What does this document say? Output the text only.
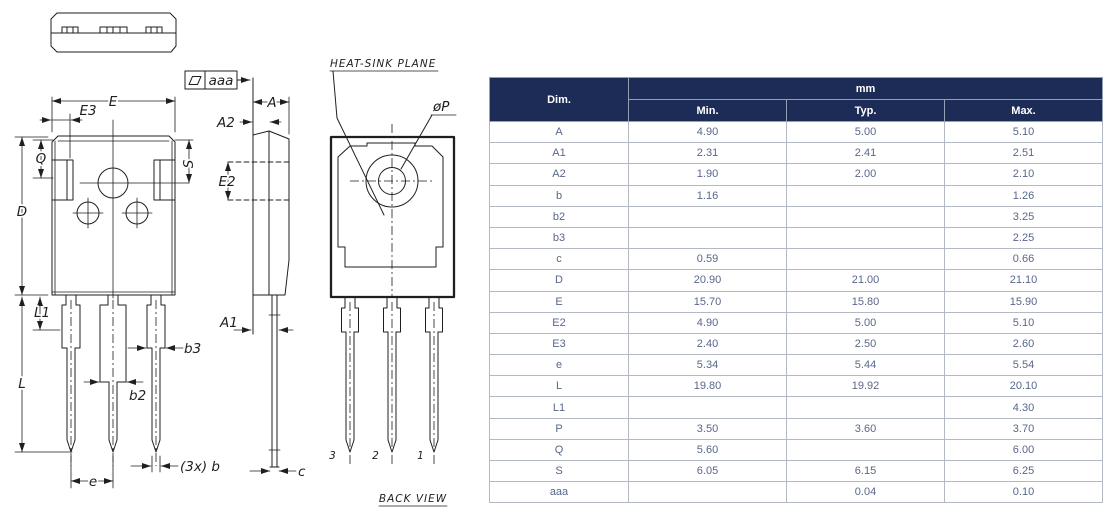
aaa
E
E3
Q	S
D
L
L1
b3
b2
(3x) b
e
E2
A
A2
A1
c
HEAT-SINK PLANE
øP
3	2	1
BACK VIEW
Dim.	mm		
	Min.	Typ.	Max.
A	4.90	5.00	5.10
A1	2.31	2.41	2.51
A2	1.90	2.00	2.10
b	1.16		1.26
b2			3.25
b3			2.25
c	0.59		0.66
D	20.90	21.00	21.10
E	15.70	15.80	15.90
E2	4.90	5.00	5.10
E3	2.40	2.50	2.60
e	5.34	5.44	5.54
L	19.80	19.92	20.10
L1			4.30
P	3.50	3.60	3.70
Q	5.60		6.00
S	6.05	6.15	6.25
aaa		0.04	0.10
